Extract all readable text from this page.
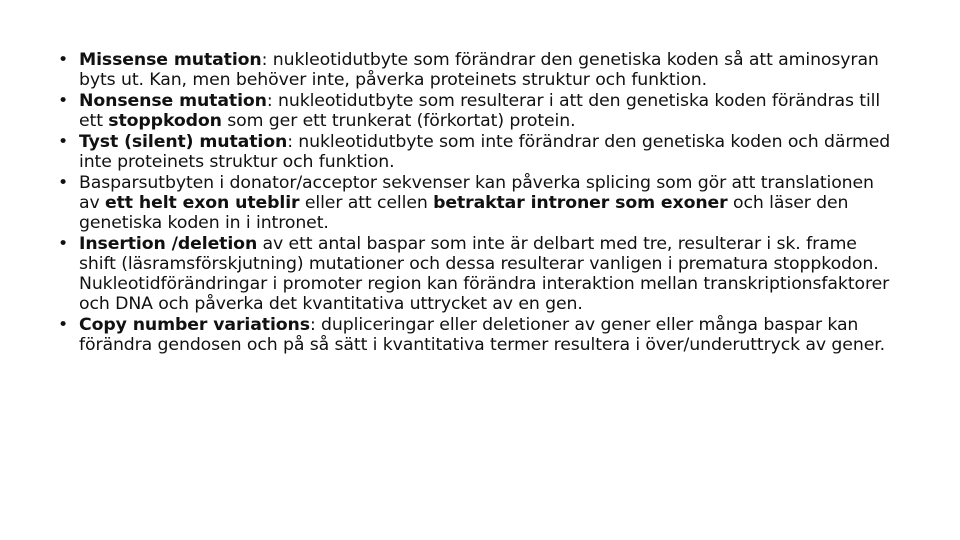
• Missense mutation: nukleotidutbyte som förändrar den genetiska koden så att aminosyran byts ut. Kan, men behöver inte, påverka proteinets struktur och funktion.
• Nonsense mutation: nukleotidutbyte som resulterar i att den genetiska koden förändras till ett stoppkodon som ger ett trunkerat (förkortat) protein.
• Tyst (silent) mutation: nukleotidutbyte som inte förändrar den genetiska koden och därmed inte proteinets struktur och funktion.
• Basparsutbyten i donator/acceptor sekvenser kan påverka splicing som gör att translationen av ett helt exon uteblir eller att cellen betraktar introner som exoner och läser den genetiska koden in i intronet.
• Insertion /deletion av ett antal baspar som inte är delbart med tre, resulterar i sk. frame shift (läsramsförskjutning) mutationer och dessa resulterar vanligen i prematura stoppkodon. Nukleotidförändringar i promoter region kan förändra interaktion mellan transkriptionsfaktorer och DNA och påverka det kvantitativa uttrycket av en gen.
• Copy number variations: dupliceringar eller deletioner av gener eller många baspar kan förändra gendosen och på så sätt i kvantitativa termer resultera i över/underuttryck av gener.
